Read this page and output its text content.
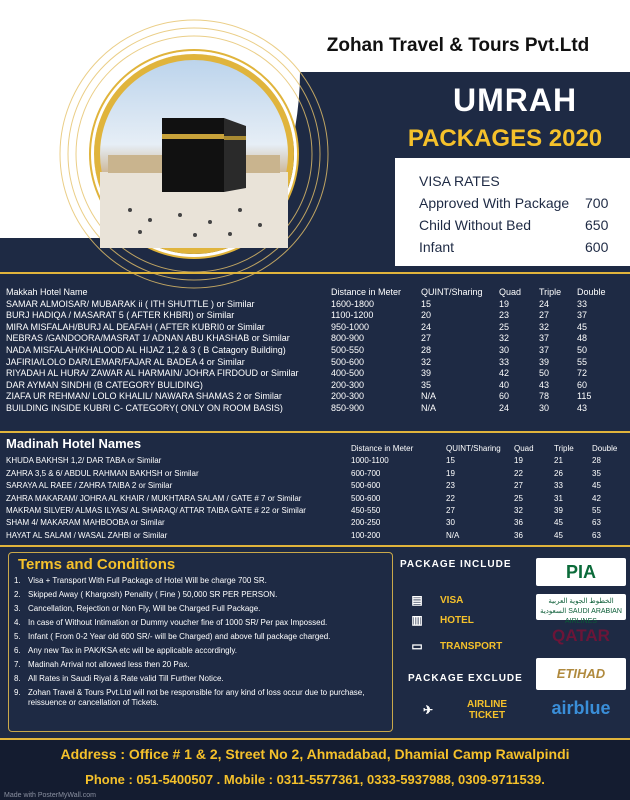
Zohan Travel & Tours Pvt.Ltd
UMRAH
PACKAGES 2020
VISA RATES
Approved With Package	700
Child Without Bed	650
Infant	600
Makkah Hotel Name	Distance in Meter	QUINT/Sharing	Quad	Triple	Double
SAMAR ALMOISAR/ MUBARAK ii ( ITH SHUTTLE ) or Similar	1600-1800	15	19	24	33
BURJ HADIQA / MASARAT 5 ( AFTER KHBRI) or Similar	1100-1200	20	23	27	37
MIRA MISFALAH/BURJ AL DEAFAH ( AFTER KUBRI0 or Similar	950-1000	24	25	32	45
NEBRAS /GANDOORA/MASRAT 1/ ADNAN ABU KHASHAB or Similar	800-900	27	32	37	48
NADA MISFALAH/KHALOOD AL HIJAZ 1,2 & 3 ( B Catagory Building)	500-550	28	30	37	50
JAFIRIA/LOLO DAR/LEMAR/FAJAR AL BADEA 4 or Similar	500-600	32	33	39	55
RIYADAH AL HURA/ ZAWAR AL HARMAIN/ JOHRA FIRDOUD or Similar	400-500	39	42	50	72
DAR AYMAN SINDHI (B CATEGORY BULIDING)	200-300	35	40	43	60
ZIAFA UR REHMAN/ LOLO KHALIL/ NAWARA SHAMAS 2 or Similar	200-300	N/A	60	78	115
BUILDING INSIDE KUBRI C- CATEGORY( ONLY ON ROOM BASIS)	850-900	N/A	24	30	43
Madinah Hotel Names	Distance in Meter	QUINT/Sharing	Quad	Triple	Double
KHUDA BAKHSH 1,2/ DAR TABA or Similar	1000-1100	15	19	21	28
ZAHRA 3,5 & 6/ ABDUL RAHMAN BAKHSH or Similar	600-700	19	22	26	35
SARAYA AL RAEE / ZAHRA TAIBA 2 or Similar	500-600	23	27	33	45
ZAHRA MAKARAM/ JOHRA AL KHAIR / MUKHTARA SALAM / GATE # 7 or Similar	500-600	22	25	31	42
MAKRAM SILVER/ ALMAS ILYAS/ AL SHARAQ/ ATTAR TAIBA GATE # 22 or Similar	450-550	27	32	39	55
SHAM 4/ MAKARAM MAHBOOBA or Similar	200-250	30	36	45	63
HAYAT AL SALAM / WASAL ZAHBI or Similar	100-200	N/A	36	45	63
Terms and Conditions
1. Visa + Transport With Full Package of Hotel Will be charge 700 SR.
2. Skipped Away ( Khargosh) Penality ( Fine ) 50,000 SR PER PERSON.
3. Cancellation, Rejection or Non Fly, Will be Charged Full Package.
4. In case of Without Intimation or Dummy voucher fine of 1000 SR/ Per pax Impossed.
5. Infant ( From 0-2 Year old 600 SR/- will be Charged) and above full package charged.
6. Any new Tax in PAK/KSA etc will be applicable accordingly.
7. Madinah Arrival not allowed less then 20 Pax.
8. All Rates in Saudi Riyal & Rate valid Till Further Notice.
9. Zohan Travel & Tours Pvt.Ltd will not be responsible for any kind of loss occur due to purchase, reissuence or cancellation of Tickets.
PACKAGE INCLUDE
▤ VISA
▥ HOTEL
▭ TRANSPORT
PACKAGE EXCLUDE
✈	AIRLINE TICKET
PIA
الخطوط الجوية العربية السعودية SAUDI ARABIAN AIRLINES
QATAR
ETIHAD
airblue
Address : Office # 1 & 2, Street No 2, Ahmadabad, Dhamial Camp Rawalpindi
Phone : 051-5400507 . Mobile : 0311-5577361, 0333-5937988, 0309-9711539.
Made with PosterMyWall.com
